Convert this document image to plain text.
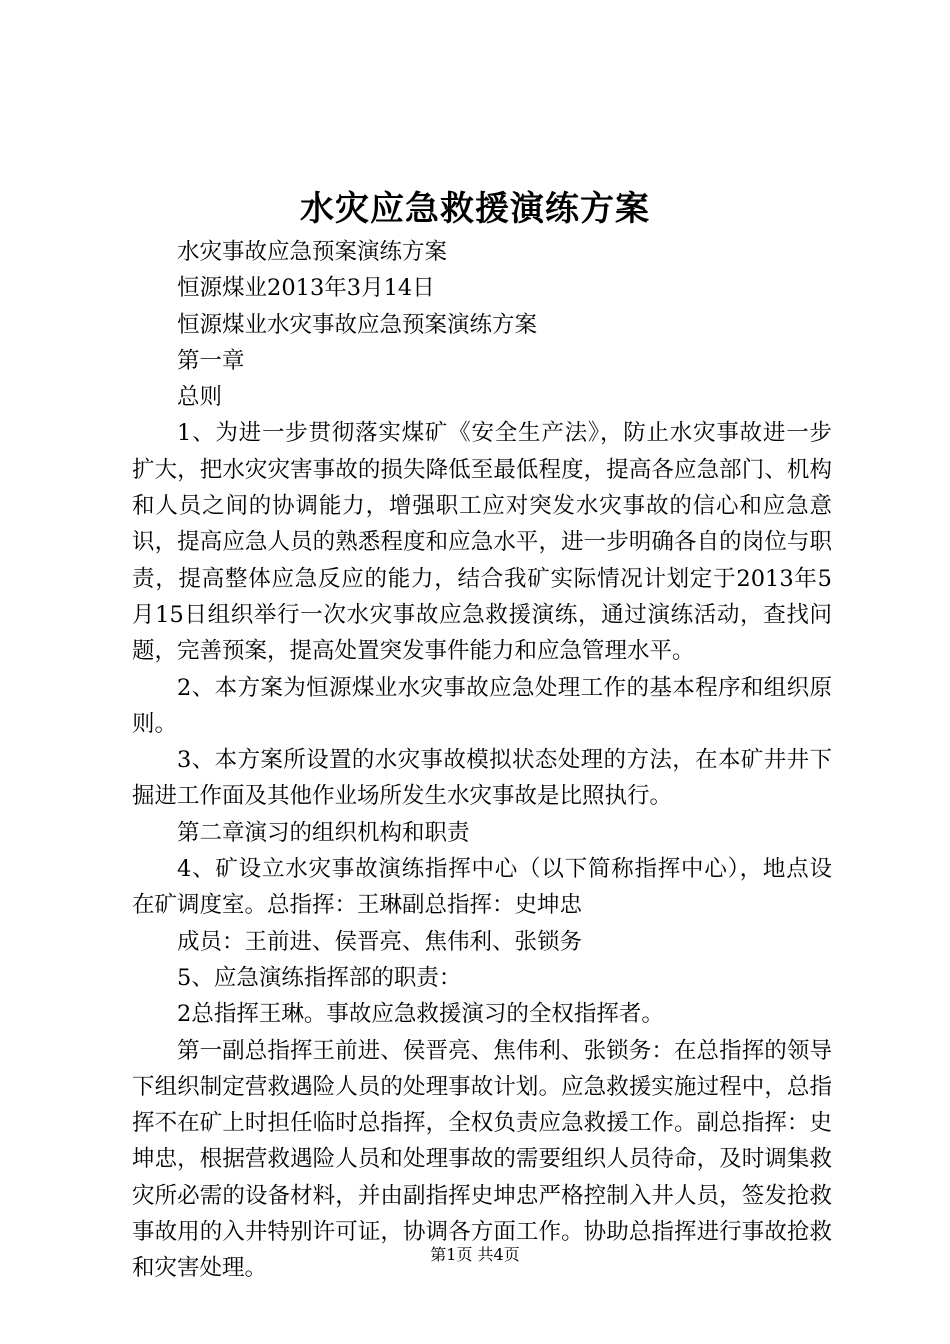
水灾应急救援演练方案

水灾事故应急预案演练方案

恒源煤业2013年3月14日

恒源煤业水灾事故应急预案演练方案

第一章

总则

1、为进一步贯彻落实煤矿《安全生产法》，防止水灾事故进一步扩大，把水灾灾害事故的损失降低至最低程度，提高各应急部门、机构和人员之间的协调能力，增强职工应对突发水灾事故的信心和应急意识，提高应急人员的熟悉程度和应急水平，进一步明确各自的岗位与职责，提高整体应急反应的能力，结合我矿实际情况计划定于2013年5月15日组织举行一次水灾事故应急救援演练，通过演练活动，查找问题，完善预案，提高处置突发事件能力和应急管理水平。

2、本方案为恒源煤业水灾事故应急处理工作的基本程序和组织原则。

3、本方案所设置的水灾事故模拟状态处理的方法，在本矿井井下掘进工作面及其他作业场所发生水灾事故是比照执行。

第二章演习的组织机构和职责

4、矿设立水灾事故演练指挥中心（以下简称指挥中心），地点设在矿调度室。总指挥：王琳副总指挥：史坤忠

成员：王前进、侯晋亮、焦伟利、张锁务

5、应急演练指挥部的职责：

2总指挥王琳。事故应急救援演习的全权指挥者。

第一副总指挥王前进、侯晋亮、焦伟利、张锁务：在总指挥的领导下组织制定营救遇险人员的处理事故计划。应急救援实施过程中，总指挥不在矿上时担任临时总指挥，全权负责应急救援工作。副总指挥：史坤忠，根据营救遇险人员和处理事故的需要组织人员待命，及时调集救灾所必需的设备材料，并由副指挥史坤忠严格控制入井人员，签发抢救事故用的入井特别许可证，协调各方面工作。协助总指挥进行事故抢救和灾害处理。

第1页 共4页
